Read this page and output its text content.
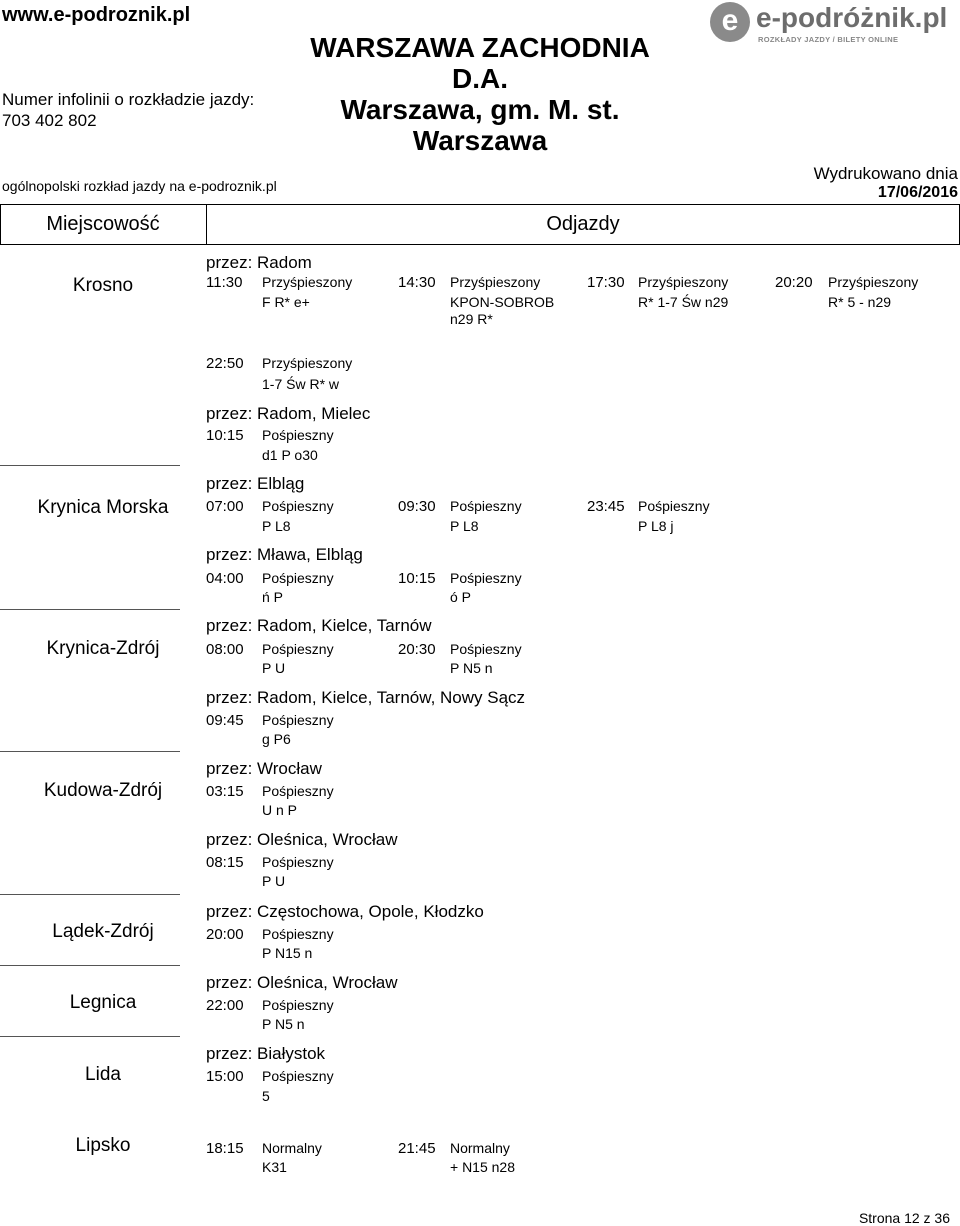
www.e-podroznik.pl
Numer infolinii o rozkładzie jazdy:
703 402 802
ogólnopolski rozkład jazdy na e-podroznik.pl
WARSZAWA ZACHODNIA
D.A.
Warszawa, gm. M. st.
Warszawa
e e-podróżnik.pl
ROZKŁADY JAZDY / BILETY ONLINE
Wydrukowano dnia
17/06/2016
Miejscowość	Odjazdy
Krosno
przez: Radom
11:30 Przyśpieszony
F R* e+
14:30 Przyśpieszony
KPON-SOBROB
n29 R*
17:30 Przyśpieszony
R* 1-7 Św n29
20:20 Przyśpieszony
R* 5 - n29
22:50 Przyśpieszony
1-7 Św R* w
przez: Radom, Mielec
10:15 Pośpieszny
d1 P o30
Krynica Morska
przez: Elbląg
07:00 Pośpieszny
P L8
09:30 Pośpieszny
P L8
23:45 Pośpieszny
P L8 j
przez: Mława, Elbląg
04:00 Pośpieszny
ń P
10:15 Pośpieszny
ó P
Krynica-Zdrój
przez: Radom, Kielce, Tarnów
08:00 Pośpieszny
P U
20:30 Pośpieszny
P N5 n
przez: Radom, Kielce, Tarnów, Nowy Sącz
09:45 Pośpieszny
g P6
Kudowa-Zdrój
przez: Wrocław
03:15 Pośpieszny
U n P
przez: Oleśnica, Wrocław
08:15 Pośpieszny
P U
Lądek-Zdrój
przez: Częstochowa, Opole, Kłodzko
20:00 Pośpieszny
P N15 n
Legnica
przez: Oleśnica, Wrocław
22:00 Pośpieszny
P N5 n
Lida
przez: Białystok
15:00 Pośpieszny
5
Lipsko	18:15 Normalny
K31
21:45 Normalny
+ N15 n28
Strona 12 z 36
